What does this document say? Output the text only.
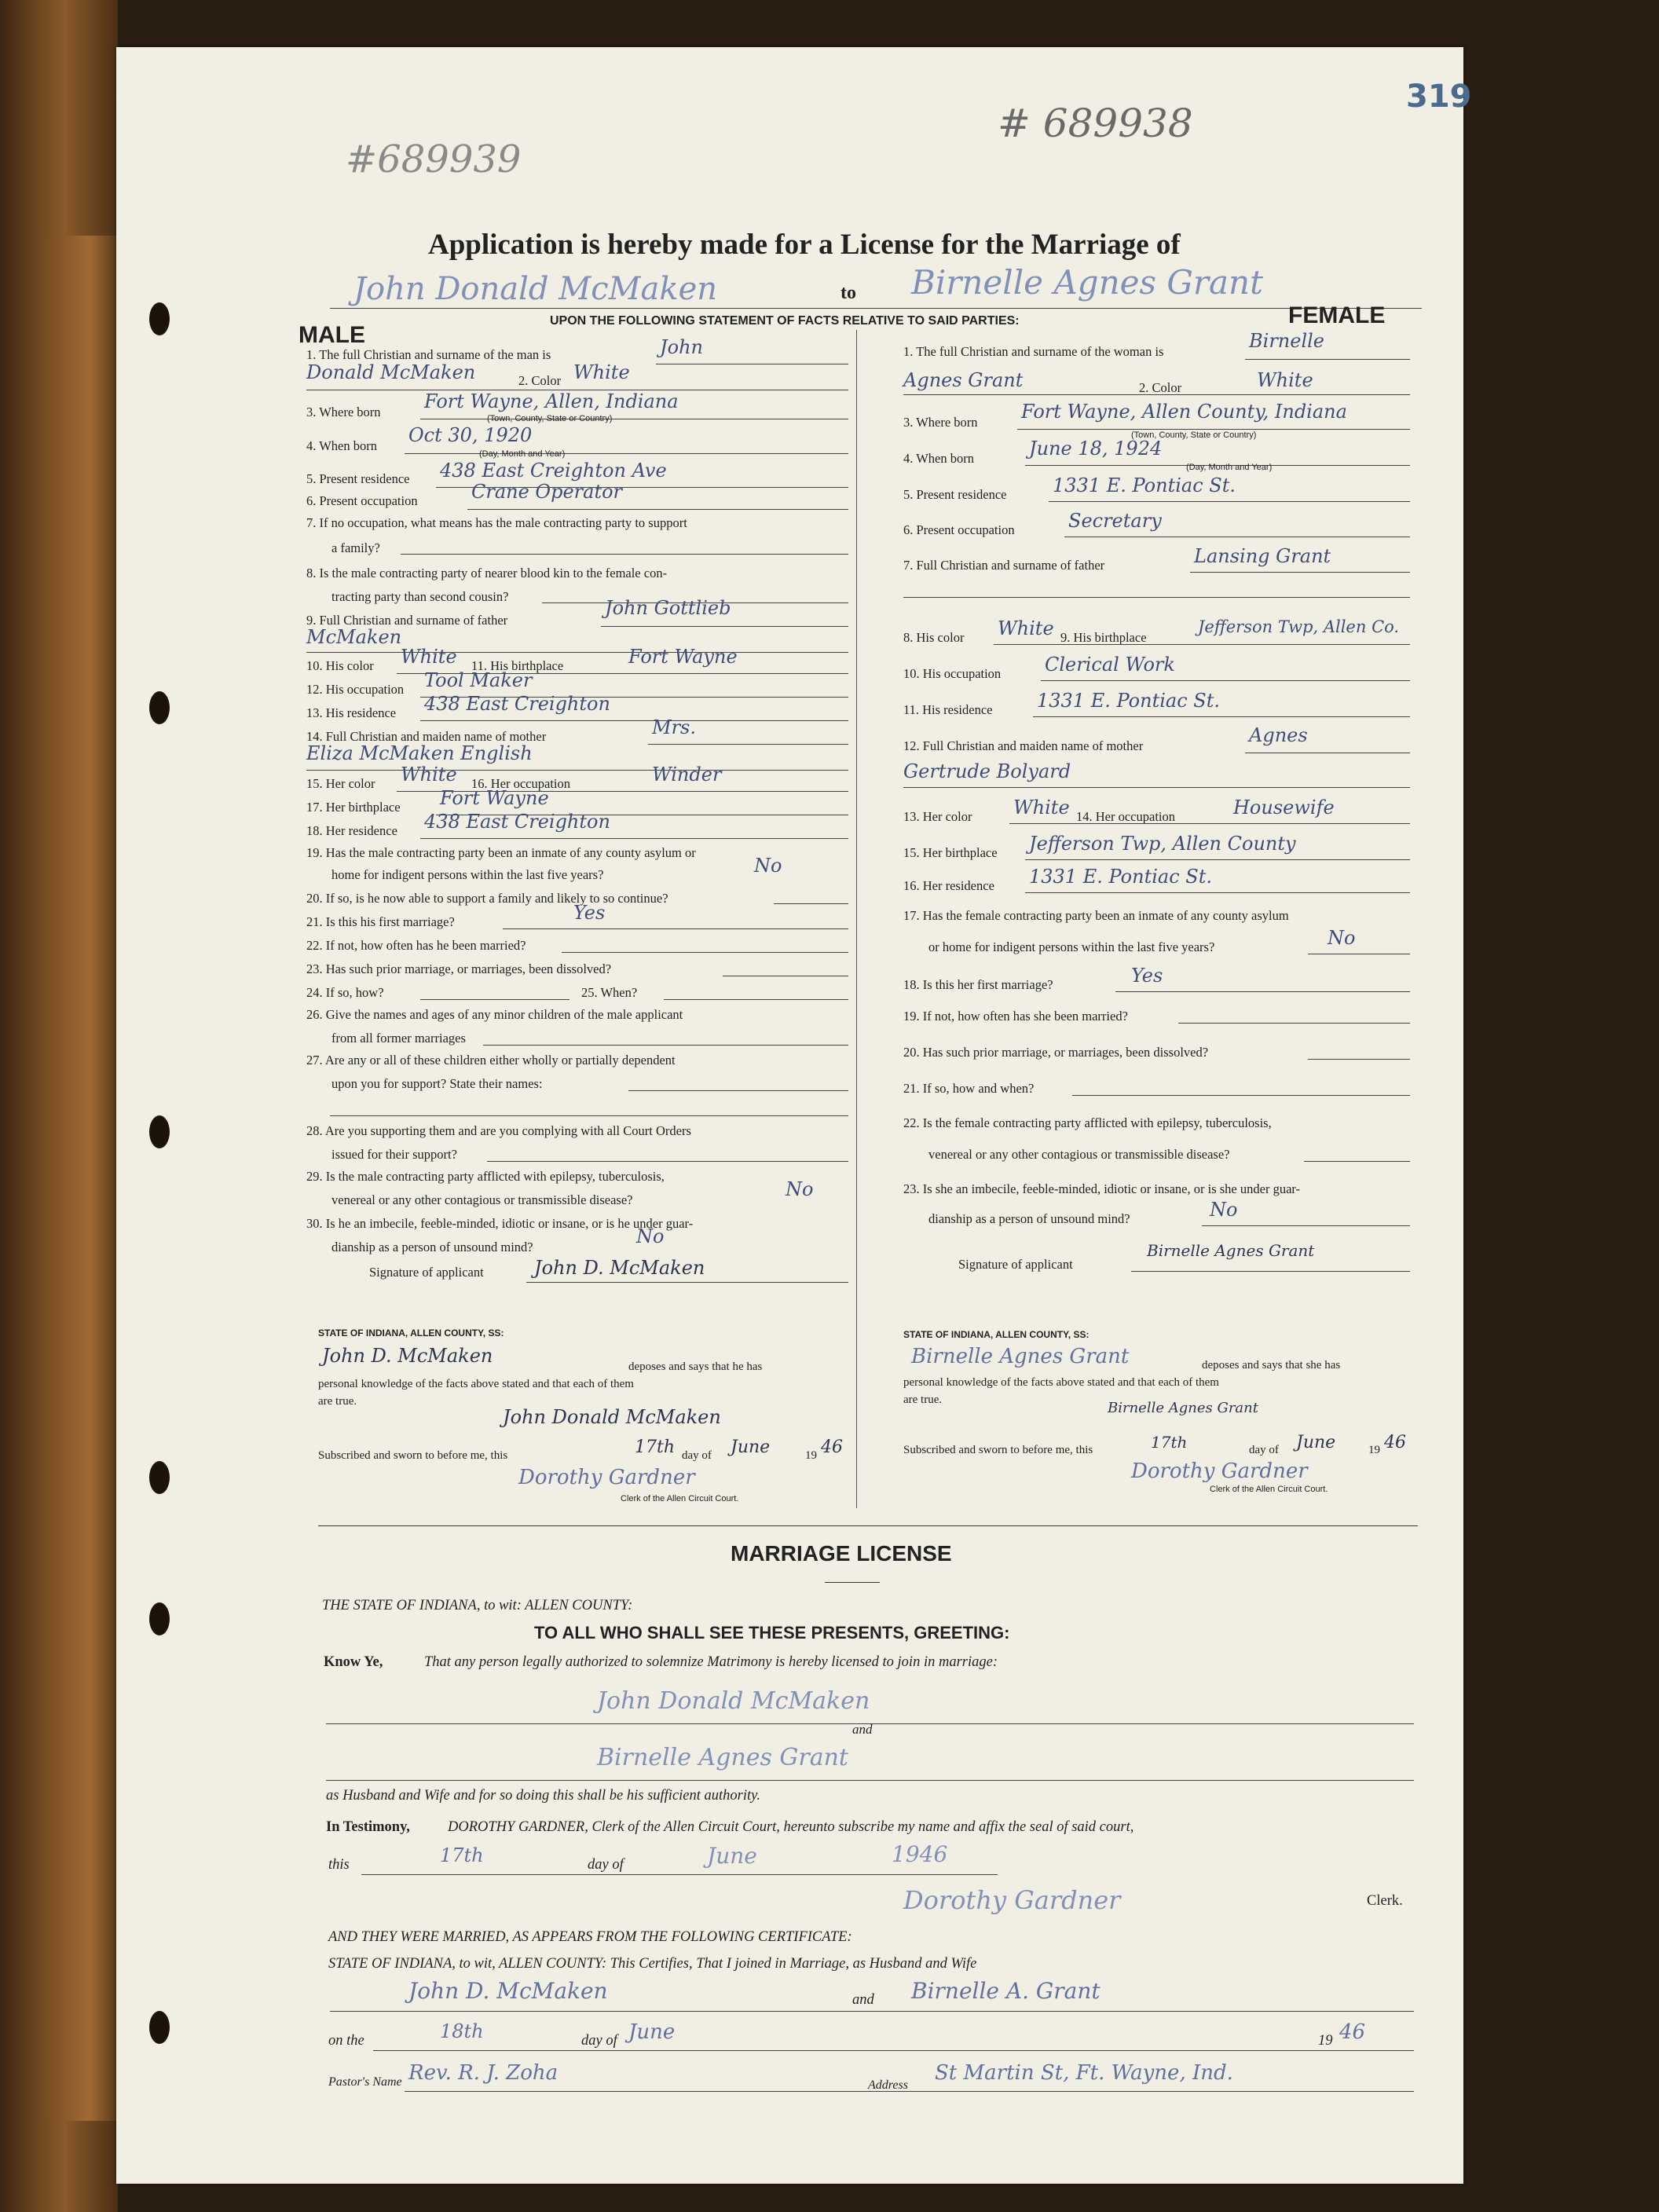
319
#689939
# 689938
Application is hereby made for a License for the Marriage of
John Donald McMaken	to Birnelle Agnes Grant
UPON THE FOLLOWING STATEMENT OF FACTS RELATIVE TO SAID PARTIES:
MALE
FEMALE
1. The full Christian and surname of the man is	John
Donald McMaken	2. Color White
3. Where born Fort Wayne, Allen, Indiana
(Town, County, State or Country)
4. When born Oct 30, 1920
(Day, Month and Year)
5. Present residence 438 East Creighton Ave
6. Present occupation	Crane Operator
7. If no occupation, what means has the male contracting party to support
a family?
8. Is the male contracting party of nearer blood kin to the female con-
tracting party than second cousin?
9. Full Christian and surname of father
John Gottlieb
McMaken
10. His color White 11. His birthplace	Fort Wayne
12. His occupation Tool Maker
13. His residence 438 East Creighton
14. Full Christian and maiden name of mother	Mrs.
Eliza McMaken English
15. Her color White 16. Her occupation	Winder
17. Her birthplace Fort Wayne
18. Her residence 438 East Creighton
19. Has the male contracting party been an inmate of any county asylum or
home for indigent persons within the last five years?	No
20. If so, is he now able to support a family and likely to so continue?
21. Is this his first marriage?	Yes
22. If not, how often has he been married?
23. Has such prior marriage, or marriages, been dissolved?
24. If so, how?	25. When?
26. Give the names and ages of any minor children of the male applicant
from all former marriages
27. Are any or all of these children either wholly or partially dependent
upon you for support? State their names:
28. Are you supporting them and are you complying with all Court Orders
issued for their support?
29. Is the male contracting party afflicted with epilepsy, tuberculosis,
venereal or any other contagious or transmissible disease?	No
30. Is he an imbecile, feeble-minded, idiotic or insane, or is he under guar-
dianship as a person of unsound mind?	No
Signature of applicant	John D. McMaken
1. The full Christian and surname of the woman is	Birnelle
Agnes Grant	2. Color	White
3. Where born Fort Wayne, Allen County, Indiana
(Town, County, State or Country)
4. When born	June 18, 1924
(Day, Month and Year)
5. Present residence 1331 E. Pontiac St.
6. Present occupation	Secretary
7. Full Christian and surname of father	Lansing Grant
8. His color White 9. His birthplace
Jefferson Twp, Allen Co.
10. His occupation Clerical Work
11. His residence 1331 E. Pontiac St.
12. Full Christian and maiden name of mother	Agnes
Gertrude Bolyard
13. Her color White 14. Her occupation	Housewife
15. Her birthplace Jefferson Twp, Allen County
16. Her residence 1331 E. Pontiac St.
17. Has the female contracting party been an inmate of any county asylum
or home for indigent persons within the last five years?	No
18. Is this her first marriage?	Yes
19. If not, how often has she been married?
20. Has such prior marriage, or marriages, been dissolved?
21. If so, how and when?
22. Is the female contracting party afflicted with epilepsy, tuberculosis,
venereal or any other contagious or transmissible disease?
23. Is she an imbecile, feeble-minded, idiotic or insane, or is she under guar-
dianship as a person of unsound mind?	No
Signature of applicant
Birnelle Agnes Grant
STATE OF INDIANA, ALLEN COUNTY, SS:
John D. McMaken	deposes and says that he has
personal knowledge of the facts above stated and that each of them
are true.
John Donald McMaken
Subscribed and sworn to before me, this	17th day of June	19 46
Dorothy Gardner
Clerk of the Allen Circuit Court.
STATE OF INDIANA, ALLEN COUNTY, SS:
Birnelle Agnes Grant	deposes and says that she has
personal knowledge of the facts above stated and that each of them
are true.	Birnelle Agnes Grant
Subscribed and sworn to before me, this	17th	day of June	19 46
Dorothy Gardner
Clerk of the Allen Circuit Court.
MARRIAGE LICENSE
THE STATE OF INDIANA, to wit: ALLEN COUNTY:
TO ALL WHO SHALL SEE THESE PRESENTS, GREETING:
Know Ye,	That any person legally authorized to solemnize Matrimony is hereby licensed to join in marriage:
John Donald McMaken
and
Birnelle Agnes Grant
as Husband and Wife and for so doing this shall be his sufficient authority.
In Testimony,	DOROTHY GARDNER, Clerk of the Allen Circuit Court, hereunto subscribe my name and affix the seal of said court,
this	17th	day of	June	1946
Dorothy Gardner	Clerk.
AND THEY WERE MARRIED, AS APPEARS FROM THE FOLLOWING CERTIFICATE:
STATE OF INDIANA, to wit, ALLEN COUNTY: This Certifies, That I joined in Marriage, as Husband and Wife
John D. McMaken	and Birnelle A. Grant
on the	18th	day of June	19 46
Pastor's Name Rev. R. J. Zoha
Address
St Martin St, Ft. Wayne, Ind.
